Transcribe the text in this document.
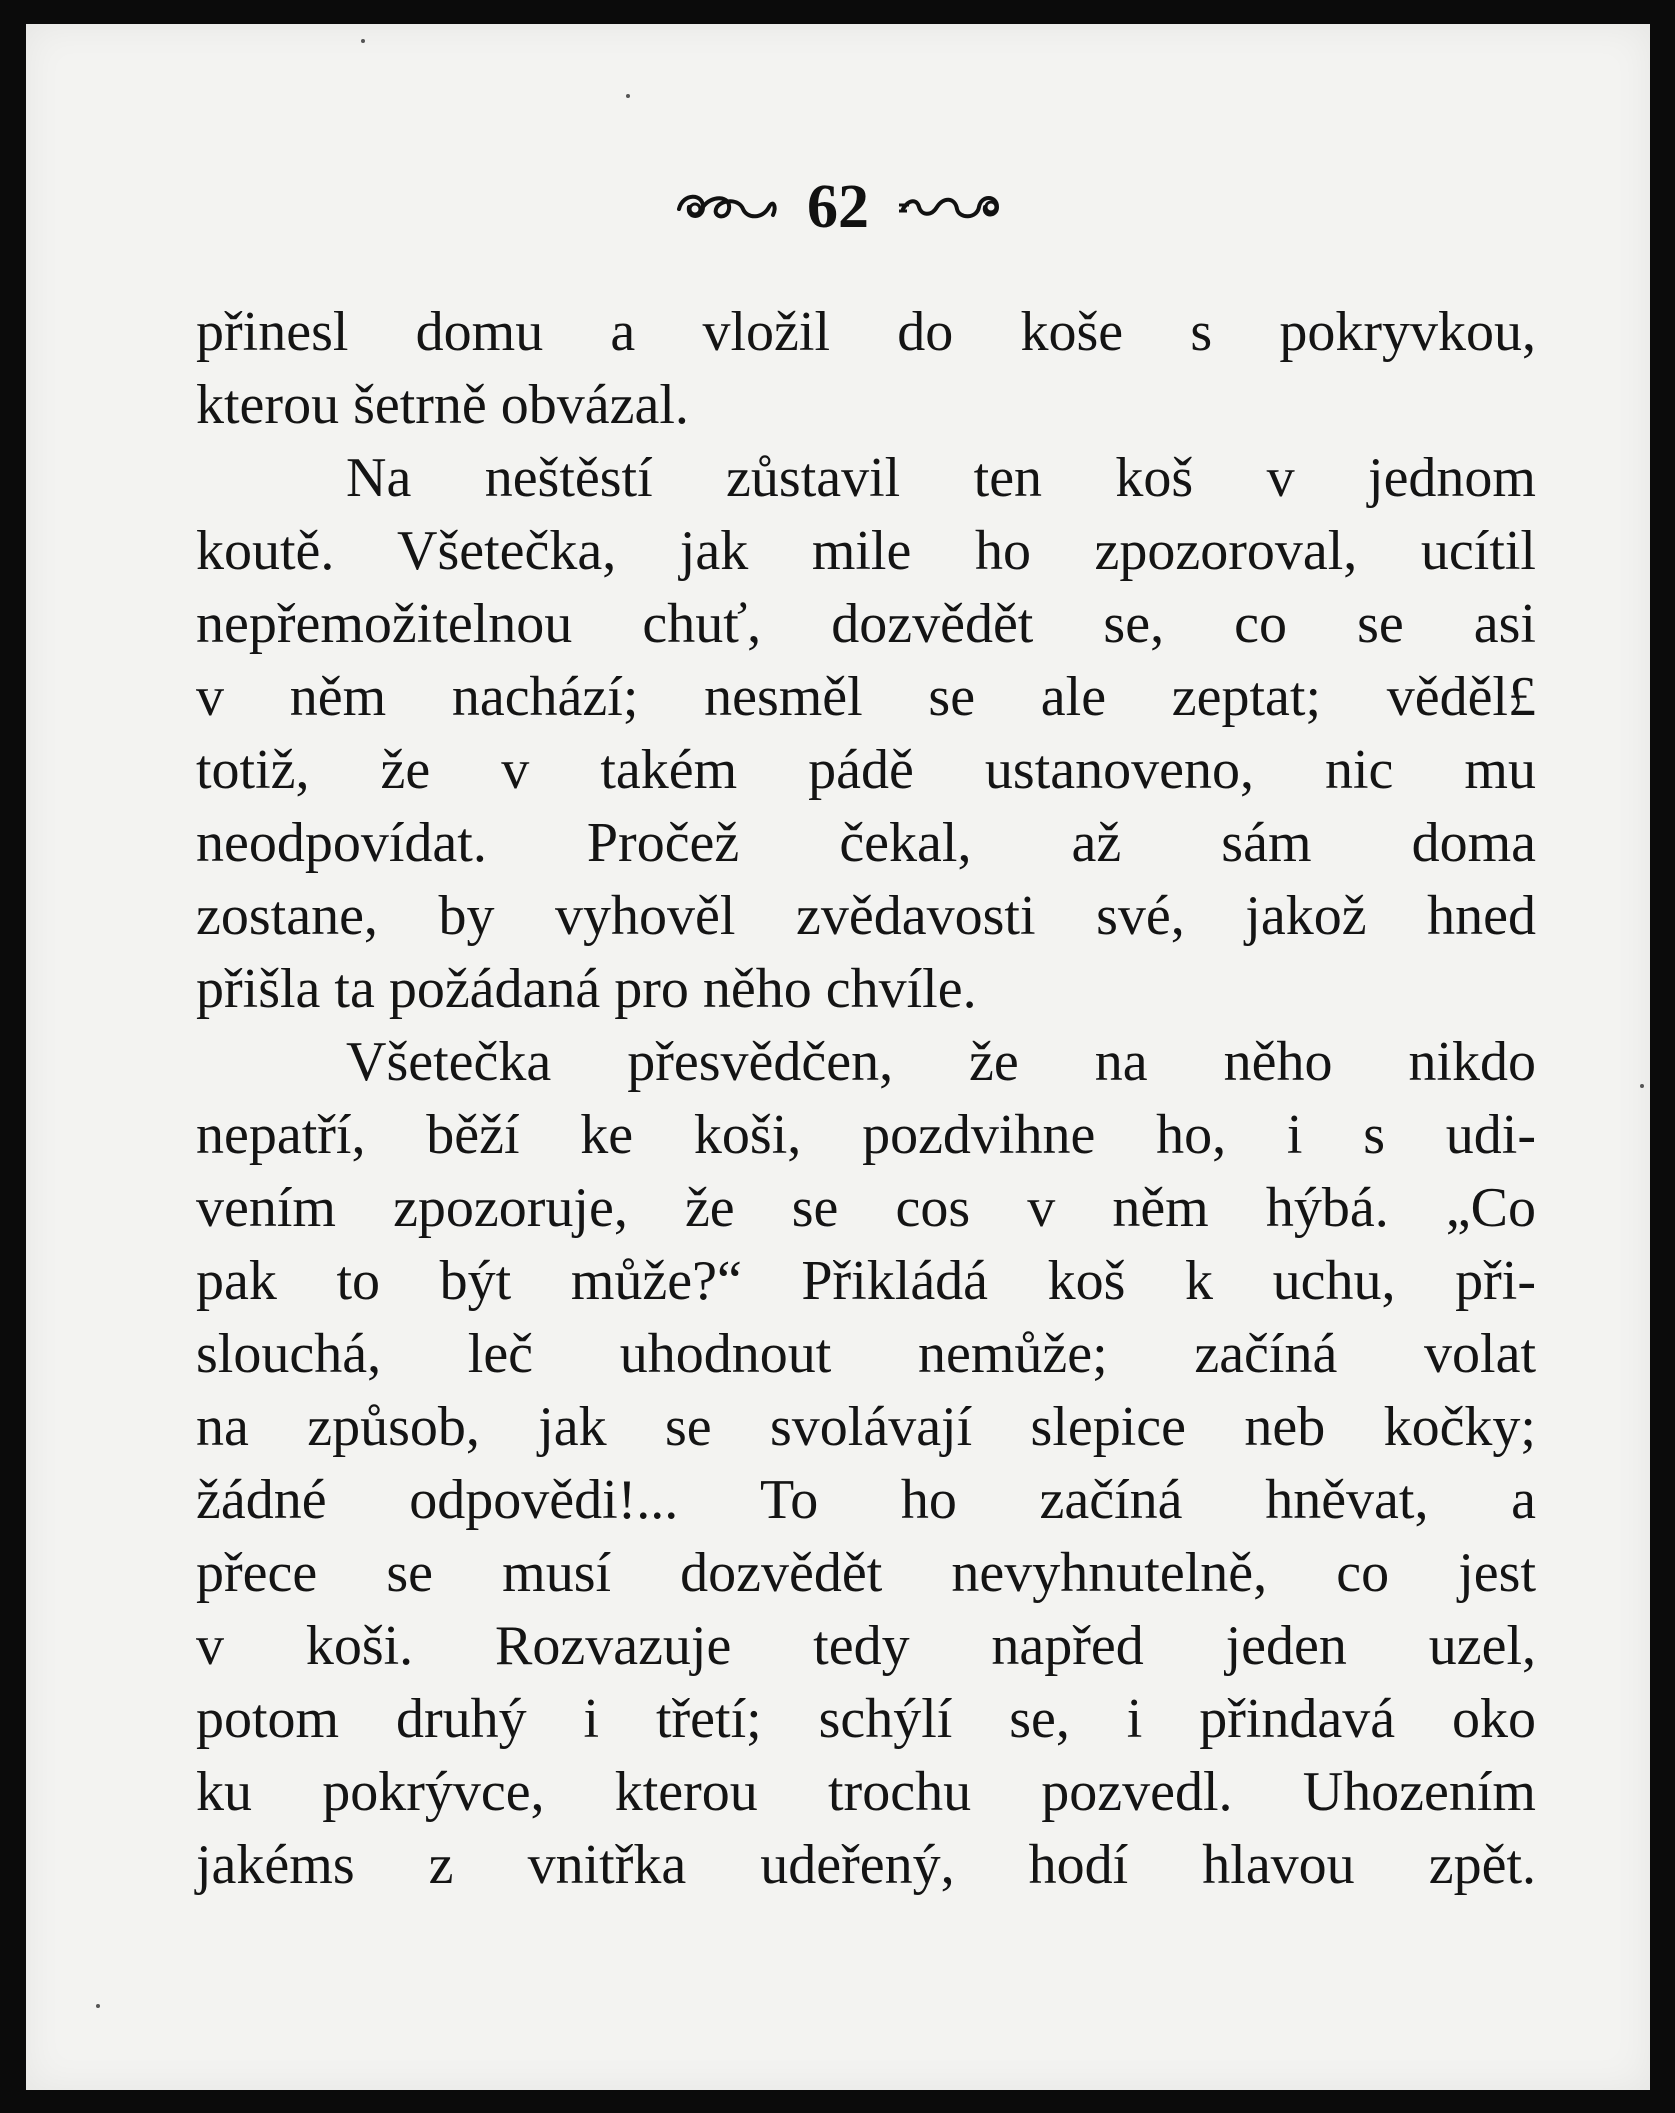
62
přinesl domu a vložil do koše s pokryvkou,
kterou šetrně obvázal.
Na neštěstí zůstavil ten koš v jednom
koutě. Všetečka, jak mile ho zpozoroval, ucítil
nepřemožitelnou chuť, dozvědět se, co se asi
v něm nachází; nesměl se ale zeptat; věděl£
totiž, že v takém pádě ustanoveno, nic mu
neodpovídat. Pročež čekal, až sám doma
zostane, by vyhověl zvědavosti své, jakož hned
přišla ta požádaná pro něho chvíle.
Všetečka přesvědčen, že na něho nikdo
nepatří, běží ke koši, pozdvihne ho, i s udi-
vením zpozoruje, že se cos v něm hýbá. „Co
pak to být může?“ Přikládá koš k uchu, při-
slouchá, leč uhodnout nemůže; začíná volat
na způsob, jak se svolávají slepice neb kočky;
žádné odpovědi!... To ho začíná hněvat, a
přece se musí dozvědět nevyhnutelně, co jest
v koši. Rozvazuje tedy napřed jeden uzel,
potom druhý i třetí; schýlí se, i přindavá oko
ku pokrývce, kterou trochu pozvedl. Uhozením
jakéms z vnitřka udeřený, hodí hlavou zpět.
